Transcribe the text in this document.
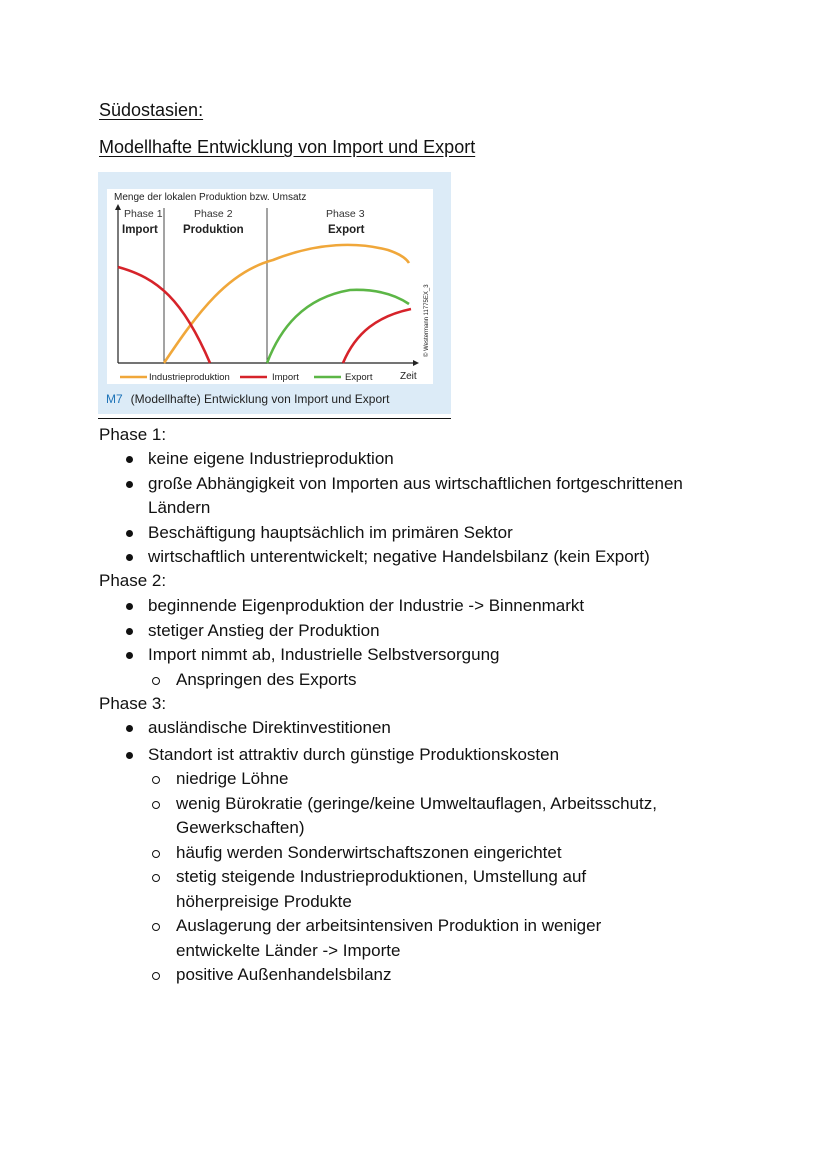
Südostasien:
Modellhafte Entwicklung von Import und Export
Menge der lokalen Produktion bzw. Umsatz
Phase 1
Import
Phase 2
Produktion
Phase 3
Export
© Westermann 11775EX_3
Industrieproduktion	Import	Export	Zeit
M7 (Modellhafte) Entwicklung von Import und Export

Phase 1:

keine eigene Industrieproduktion
große Abhängigkeit von Importen aus wirtschaftlichen fortgeschrittenen Ländern
Beschäftigung hauptsächlich im primären Sektor
wirtschaftlich unterentwickelt; negative Handelsbilanz (kein Export)

Phase 2:

beginnende Eigenproduktion der Industrie -> Binnenmarkt
stetiger Anstieg der Produktion
Import nimmt ab, Industrielle Selbstversorgung
Anspringen des Exports

Phase 3:

ausländische Direktinvestitionen
Standort ist attraktiv durch günstige Produktionskosten
niedrige Löhne
wenig Bürokratie (geringe/keine Umweltauflagen, Arbeitsschutz, Gewerkschaften)
häufig werden Sonderwirtschaftszonen eingerichtet
stetig steigende Industrieproduktionen, Umstellung auf höherpreisige Produkte
Auslagerung der arbeitsintensiven Produktion in weniger entwickelte Länder -> Importe
positive Außenhandelsbilanz
